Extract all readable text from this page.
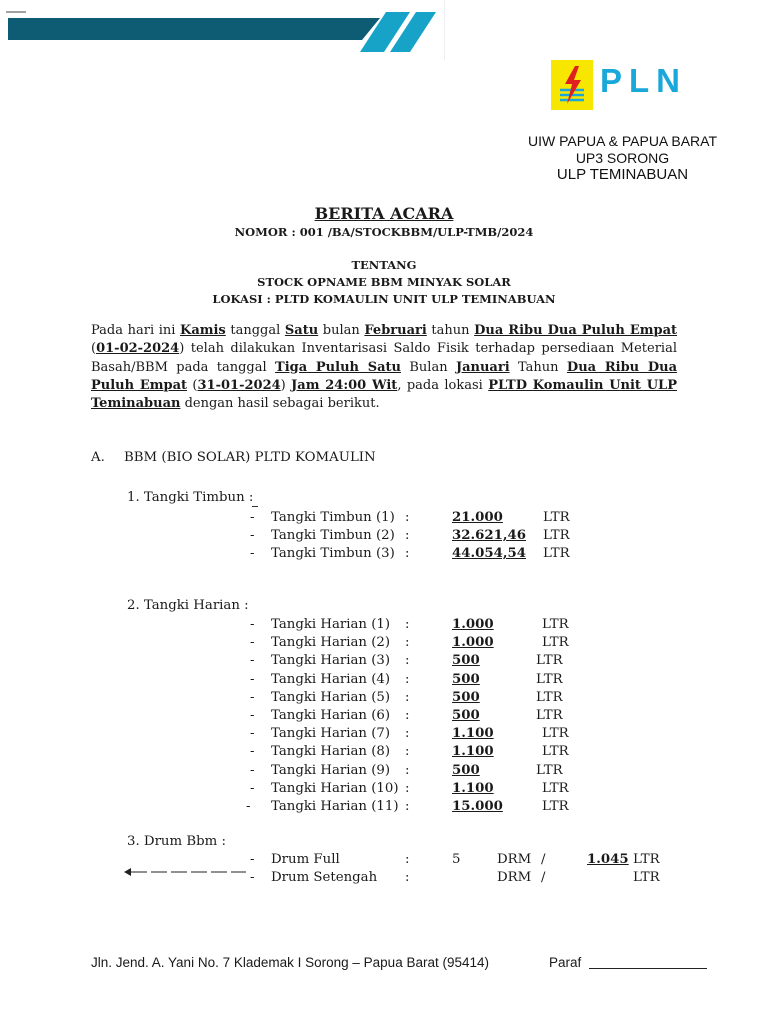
PLN
UIW PAPUA & PAPUA BARAT
UP3 SORONG
ULP TEMINABUAN
BERITA ACARA
NOMOR : 001 /BA/STOCKBBM/ULP-TMB/2024
TENTANG
STOCK OPNAME BBM MINYAK SOLAR
LOKASI : PLTD KOMAULIN UNIT ULP TEMINABUAN
Pada hari ini Kamis tanggal Satu bulan Februari tahun Dua Ribu Dua Puluh Empat (01-02-2024) telah dilakukan Inventarisasi Saldo Fisik terhadap persediaan Meterial Basah/BBM pada tanggal Tiga Puluh Satu Bulan Januari Tahun Dua Ribu Dua Puluh Empat (31-01-2024) Jam 24:00 Wit, pada lokasi PLTD Komaulin Unit ULP Teminabuan dengan hasil sebagai berikut.
A. BBM (BIO SOLAR) PLTD KOMAULIN
1. Tangki Timbun :
- Tangki Timbun (1) :	21.000	LTR
- Tangki Timbun (2) :	32.621,46 LTR
- Tangki Timbun (3) :	44.054,54 LTR
2. Tangki Harian :
- Tangki Harian (1) :	1.000	LTR
- Tangki Harian (2) :	1.000	LTR
- Tangki Harian (3) :	500	LTR
- Tangki Harian (4) :	500	LTR
- Tangki Harian (5) :	500	LTR
- Tangki Harian (6) :	500	LTR
- Tangki Harian (7) :	1.100	LTR
- Tangki Harian (8) :	1.100	LTR
- Tangki Harian (9) :	500	LTR
- Tangki Harian (10) :	1.100	LTR
- Tangki Harian (11) :	15.000	LTR
3. Drum Bbm :
- Drum Full	:	5	DRM /	1.045 LTR
- Drum Setengah :	DRM /	LTR
Jln. Jend. A. Yani No. 7 Klademak I Sorong – Papua Barat (95414)	Paraf
